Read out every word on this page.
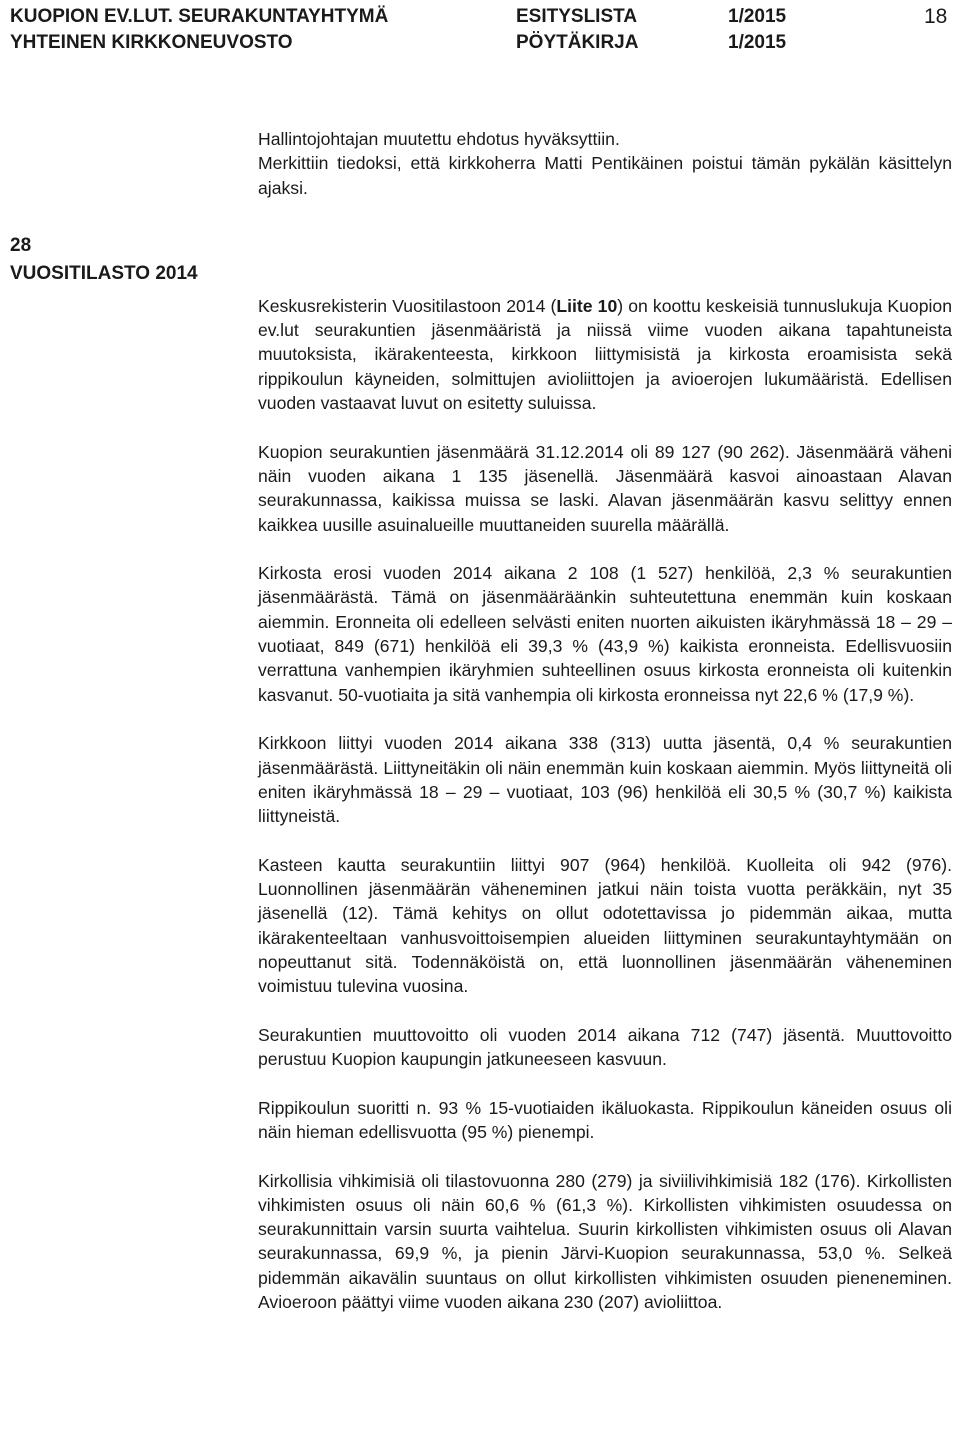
KUOPION EV.LUT. SEURAKUNTAYHTYMÄ	ESITYSLISTA	1/2015	18
YHTEINEN KIRKKONEUVOSTO	PÖYTÄKIRJA	1/2015
28
VUOSITILASTO 2014

Hallintojohtajan muutettu ehdotus hyväksyttiin.

Merkittiin tiedoksi, että kirkkoherra Matti Pentikäinen poistui tämän pykälän käsittelyn ajaksi.

Keskusrekisterin Vuositilastoon 2014 (Liite 10) on koottu keskeisiä tunnuslukuja Kuopion ev.lut seurakuntien jäsenmääristä ja niissä viime vuoden aikana tapahtuneista muutoksista, ikärakenteesta, kirkkoon liittymisistä ja kirkosta eroamisista sekä rippikoulun käyneiden, solmittujen avioliittojen ja avioerojen lukumääristä. Edellisen vuoden vastaavat luvut on esitetty suluissa.

Kuopion seurakuntien jäsenmäärä 31.12.2014 oli 89 127 (90 262). Jäsenmäärä väheni näin vuoden aikana 1 135 jäsenellä. Jäsenmäärä kasvoi ainoastaan Alavan seurakunnassa, kaikissa muissa se laski. Alavan jäsenmäärän kasvu selittyy ennen kaikkea uusille asuinalueille muuttaneiden suurella määrällä.

Kirkosta erosi vuoden 2014 aikana 2 108 (1 527) henkilöä, 2,3 % seurakuntien jäsenmäärästä. Tämä on jäsenmääräänkin suhteutettuna enemmän kuin koskaan aiemmin. Eronneita oli edelleen selvästi eniten nuorten aikuisten ikäryhmässä 18 – 29 – vuotiaat, 849 (671) henkilöä eli 39,3 % (43,9 %) kaikista eronneista. Edellisvuosiin verrattuna vanhempien ikäryhmien suhteellinen osuus kirkosta eronneista oli kuitenkin kasvanut. 50-vuotiaita ja sitä vanhempia oli kirkosta eronneissa nyt 22,6 % (17,9 %).

Kirkkoon liittyi vuoden 2014 aikana 338 (313) uutta jäsentä, 0,4 % seurakuntien jäsenmäärästä. Liittyneitäkin oli näin enemmän kuin koskaan aiemmin. Myös liittyneitä oli eniten ikäryhmässä 18 – 29 – vuotiaat, 103 (96) henkilöä eli 30,5 % (30,7 %) kaikista liittyneistä.

Kasteen kautta seurakuntiin liittyi 907 (964) henkilöä. Kuolleita oli 942 (976). Luonnollinen jäsenmäärän väheneminen jatkui näin toista vuotta peräkkäin, nyt 35 jäsenellä (12). Tämä kehitys on ollut odotettavissa jo pidemmän aikaa, mutta ikärakenteeltaan vanhusvoittoisempien alueiden liittyminen seurakuntayhtymään on nopeuttanut sitä. Todennäköistä on, että luonnollinen jäsenmäärän väheneminen voimistuu tulevina vuosina.

Seurakuntien muuttovoitto oli vuoden 2014 aikana 712 (747) jäsentä. Muuttovoitto perustuu Kuopion kaupungin jatkuneeseen kasvuun.

Rippikoulun suoritti n. 93 % 15-vuotiaiden ikäluokasta. Rippikoulun käneiden osuus oli näin hieman edellisvuotta (95 %) pienempi.

Kirkollisia vihkimisiä oli tilastovuonna 280 (279) ja siviilivihkimisiä 182 (176). Kirkollisten vihkimisten osuus oli näin 60,6 % (61,3 %). Kirkollisten vihkimisten osuudessa on seurakunnittain varsin suurta vaihtelua. Suurin kirkollisten vihkimisten osuus oli Alavan seurakunnassa, 69,9 %, ja pienin Järvi-Kuopion seurakunnassa, 53,0 %. Selkeä pidemmän aikavälin suuntaus on ollut kirkollisten vihkimisten osuuden pieneneminen. Avioeroon päättyi viime vuoden aikana 230 (207) avioliittoa.
